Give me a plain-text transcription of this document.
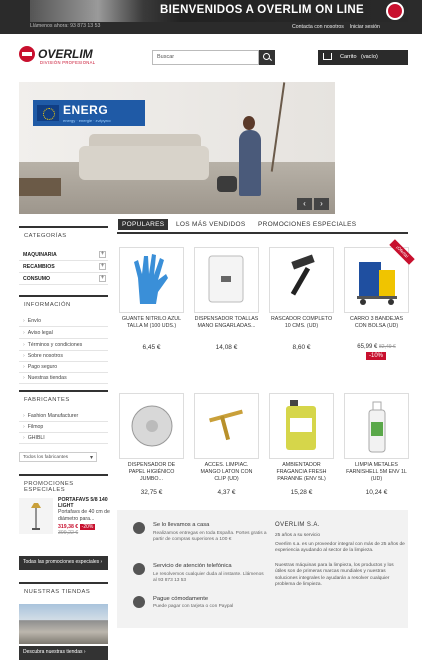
BIENVENIDOS A OVERLIM ON LINE
Llámenos ahora: 93 873 13 53	Contacta con nosotros Iniciar sesión
OVERLIM
DIVISIÓN PROFESIONAL
Buscar	Carrito (vacío)
ENERG
energy · energie · ενέργεια
‹	›
CATEGORÍAS
MAQUINARIA	+
RECAMBIOS	+
CONSUMO	+
INFORMACIÓN
› Envío
› Aviso legal
› Términos y condiciones
› Sobre nosotros
› Pago seguro
› Nuestras tiendas
FABRICANTES
› Fashion Manufacturer
› Filmop
› GHIBLI
Todos los fabricantes ▾
PROMOCIONES ESPECIALES
PORTAFAVS 5/8 140 LIGHT
Portafavs de 40 cm de diámetro para...
319,38 € -20%
399,22 €
Todas las promociones especiales ›
NUESTRAS TIENDAS
Descubra nuestras tiendas ›
POPULARES	LOS MÁS VENDIDOS PROMOCIONES ESPECIALES
¡Oferta!
GUANTE NITRILO AZUL TALLA M (100 UDS.)
DISPENSADOR TOALLAS MANO ENGARLADAS...
RASCADOR COMPLETO 10 CMS. (UD)
CARRO 3 BANDEJAS CON BOLSA (UD)
6,45 €	14,08 €	8,60 €	65,99 € 82,49 €
-10%
DISPENSADOR DE PAPEL HIGIÉNICO JUMBO...
ACCES. LIMPIAC. MANGO LATON CON CLIP (UD)
AMBIENTADOR FRAGANCIA FRESH PARANNE (ENV 5L)
LIMPIA METALES FARNISHELL 5M ENV 1L (UD)
32,75 €	4,37 €	15,28 €	10,24 €
Se lo llevamos a casa
Realizamos entregas en toda España. Portes gratis a partir de compras superiores a 100 €
Servicio de atención telefónica
Le resolvemos cualquier duda al instante. Llámenos al 93 873 13 53
Pague cómodamente
Puede pagar con tarjeta o con Paypal
OVERLIM S.A.
25 años a su servicio
Overlim s.a. es un proveedor integral con más de 25 años de experiencia ayudando al sector de la limpieza.
Nuestras máquinas para la limpieza, los productos y los útiles son de primeras marcas mundiales y nuestras soluciones integrales le ayudarán a resolver cualquier problema de limpieza.
